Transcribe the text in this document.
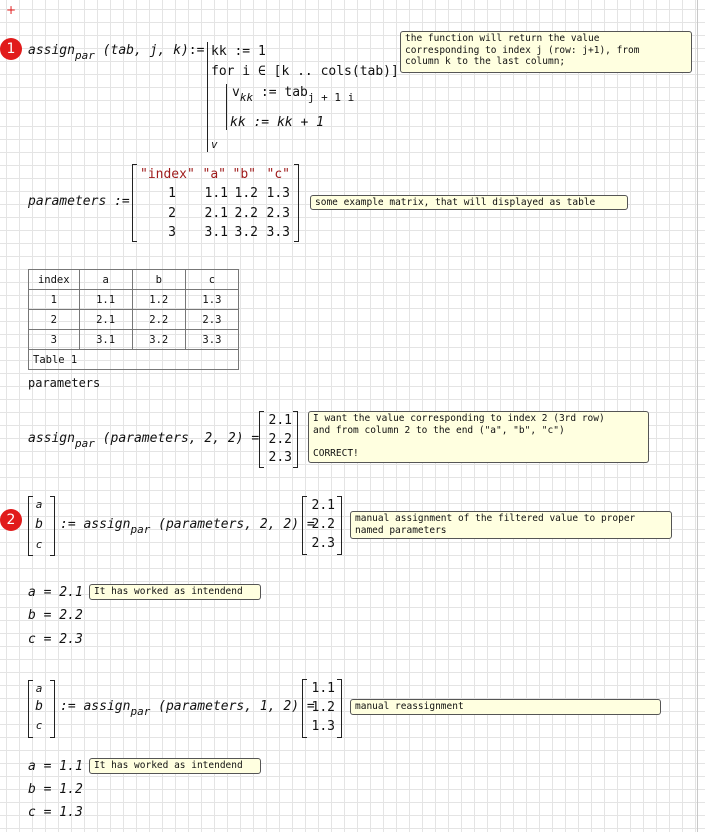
+
1 assign$_{par}$ (tab, j, k):= kk := 1
for i ∈ [k .. cols(tab)]
$v_{kk}$ := tab$_{j + 1 i}$
kk := kk + 1
v
the function will return the value
corresponding to index j (row: j+1), from
column k to the last column;
parameters :=
"index" "a" "b" "c"
1	1.1 1.2 1.3
2	2.1 2.2 2.3
3	3.1 3.2 3.3
some example matrix, that will displayed as table
index	a	b	c
1	1.1	1.2	1.3
2	2.1	2.2	2.3
3	3.1	3.2	3.3
Table 1			
parameters
assign$_{par}$ (parameters, 2, 2) =
2.1
2.2
2.3
I want the value corresponding to index 2 (3rd row)
and from column 2 to the end ("a", "b", "c")

CORRECT!
2
a
b
c
:= assign$_{par}$ (parameters, 2, 2) =
2.1
2.2
2.3
manual assignment of the filtered value to proper
named parameters
a = 2.1
b = 2.2
c = 2.3
It has worked as intendend
a
b
c
:= assign$_{par}$ (parameters, 1, 2) =
1.1
1.2
1.3
manual reassignment
a = 1.1
b = 1.2
c = 1.3
It has worked as intendend
